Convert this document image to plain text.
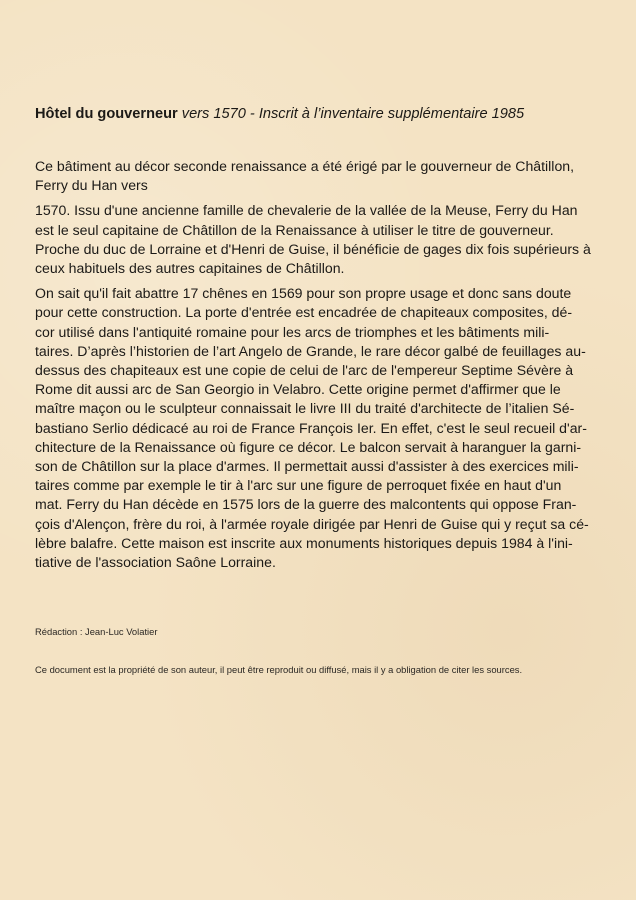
Hôtel du gouverneur vers 1570 - Inscrit à l’inventaire supplémentaire 1985

Ce bâtiment au décor seconde renaissance a été érigé par le gouverneur de Châtillon,
Ferry du Han vers

1570. Issu d'une ancienne famille de chevalerie de la vallée de la Meuse, Ferry du Han
est le seul capitaine de Châtillon de la Renaissance à utiliser le titre de gouverneur.
Proche du duc de Lorraine et d'Henri de Guise, il bénéficie de gages dix fois supérieurs à
ceux habituels des autres capitaines de Châtillon.

On sait qu'il fait abattre 17 chênes en 1569 pour son propre usage et donc sans doute
pour cette construction. La porte d'entrée est encadrée de chapiteaux composites, dé-
cor utilisé dans l'antiquité romaine pour les arcs de triomphes et les bâtiments mili-
taires. D’après l’historien de l’art Angelo de Grande, le rare décor galbé de feuillages au-
dessus des chapiteaux est une copie de celui de l'arc de l'empereur Septime Sévère à
Rome dit aussi arc de San Georgio in Velabro. Cette origine permet d'affirmer que le
maître maçon ou le sculpteur connaissait le livre III du traité d'architecte de l’italien Sé-
bastiano Serlio dédicacé au roi de France François Ier. En effet, c'est le seul recueil d'ar-
chitecture de la Renaissance où figure ce décor. Le balcon servait à haranguer la garni-
son de Châtillon sur la place d'armes. Il permettait aussi d'assister à des exercices mili-
taires comme par exemple le tir à l'arc sur une figure de perroquet fixée en haut d'un
mat. Ferry du Han décède en 1575 lors de la guerre des malcontents qui oppose Fran-
çois d'Alençon, frère du roi, à l'armée royale dirigée par Henri de Guise qui y reçut sa cé-
lèbre balafre. Cette maison est inscrite aux monuments historiques depuis 1984 à l'ini-
tiative de l'association Saône Lorraine.

Rédaction : Jean-Luc Volatier
Ce document est la propriété de son auteur, il peut être reproduit ou diffusé, mais il y a obligation de citer les sources.
